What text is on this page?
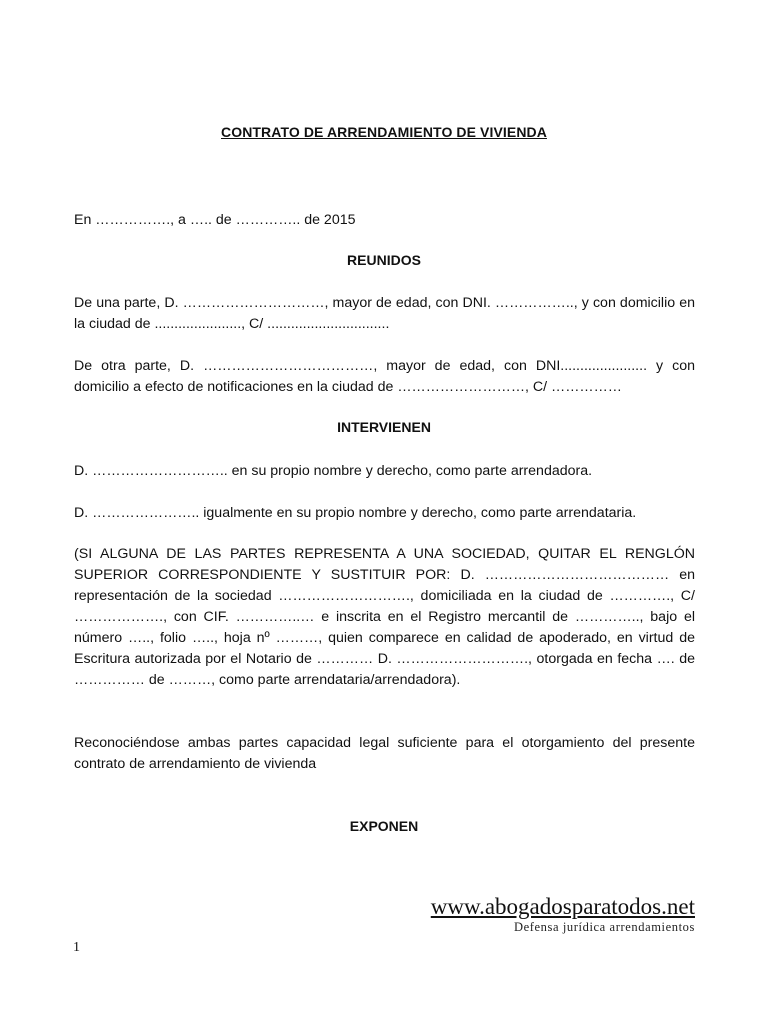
CONTRATO DE ARRENDAMIENTO DE VIVIENDA

En ……………., a ….. de ………….. de 2015

REUNIDOS

De una parte, D. …………………………, mayor de edad, con DNI. …………….., y con domicilio en la ciudad de ......................, C/ ...............................

De otra parte, D. ………………………………, mayor de edad, con DNI...................... y con domicilio a efecto de notificaciones en la ciudad de ………………………, C/ ……………

INTERVIENEN

D. ……………………….. en su propio nombre y derecho, como parte arrendadora.

D. ………………….. igualmente en su propio nombre y derecho, como parte arrendataria.

(SI ALGUNA DE LAS PARTES REPRESENTA A UNA SOCIEDAD, QUITAR EL RENGLÓN SUPERIOR CORRESPONDIENTE Y SUSTITUIR POR: D. ………………………………… en representación de la sociedad ………………………., domiciliada en la ciudad de …………., C/ ………………., con CIF. …………..… e inscrita en el Registro mercantil de ………….., bajo el número ….., folio ….., hoja nº ………, quien comparece en calidad de apoderado, en virtud de Escritura autorizada por el Notario de ………… D. ………………………., otorgada en fecha …. de …………… de ………, como parte arrendataria/arrendadora).

Reconociéndose ambas partes capacidad legal suficiente para el otorgamiento del presente contrato de arrendamiento de vivienda

EXPONEN
www.abogadosparatodos.net
Defensa jurídica arrendamientos
1
